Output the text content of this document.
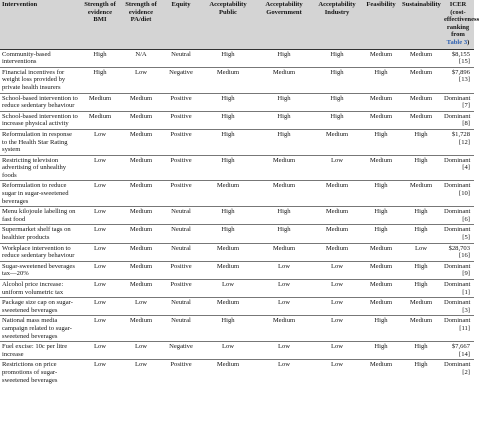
Intervention	Strength of evidence BMI	Strength of evidence PA/diet	Equity	Acceptability Public	Acceptability Government	Acceptability Industry	Feasibility	Sustainability	ICER (cost-effectiveness ranking from Table 3)
Community-based interventions	High	N/A	Neutral	High	High	High	Medium	Medium	$8,155 [15]
Financial incentives for weight loss provided by private health insurers	High	Low	Negative	Medium	Medium	High	High	Medium	$7,896 [13]
School-based intervention to reduce sedentary behaviour	Medium	Medium	Positive	High	High	High	Medium	Medium	Dominant [7]
School-based intervention to increase physical activity	Medium	Medium	Positive	High	High	High	Medium	Medium	Dominant [8]
Reformulation in response to the Health Star Rating system	Low	Medium	Positive	High	High	Medium	High	High	$1,728 [12]
Restricting television advertising of unhealthy foods	Low	Medium	Positive	High	Medium	Low	Medium	High	Dominant [4]
Reformulation to reduce sugar in sugar-sweetened beverages	Low	Medium	Positive	Medium	Medium	Medium	High	Medium	Dominant [10]
Menu kilojoule labelling on fast food	Low	Medium	Neutral	High	High	Medium	High	High	Dominant [6]
Supermarket shelf tags on healthier products	Low	Medium	Neutral	High	High	Medium	High	High	Dominant [5]
Workplace intervention to reduce sedentary behaviour	Low	Medium	Neutral	Medium	Medium	Medium	Medium	Low	$28,703 [16]
Sugar-sweetened beverages tax—20%	Low	Medium	Positive	Medium	Low	Low	Medium	High	Dominant [9]
Alcohol price increase: uniform volumetric tax	Low	Medium	Positive	Low	Low	Low	Medium	High	Dominant [1]
Package size cap on sugar-sweetened beverages	Low	Low	Neutral	Medium	Low	Low	Medium	Medium	Dominant [3]
National mass media campaign related to sugar-sweetened beverages	Low	Medium	Neutral	High	Medium	Low	High	Medium	Dominant [11]
Fuel excise: 10c per litre increase	Low	Low	Negative	Low	Low	Low	High	High	$7,667 [14]
Restrictions on price promotions of sugar-sweetened beverages	Low	Low	Positive	Medium	Low	Low	Medium	High	Dominant [2]
